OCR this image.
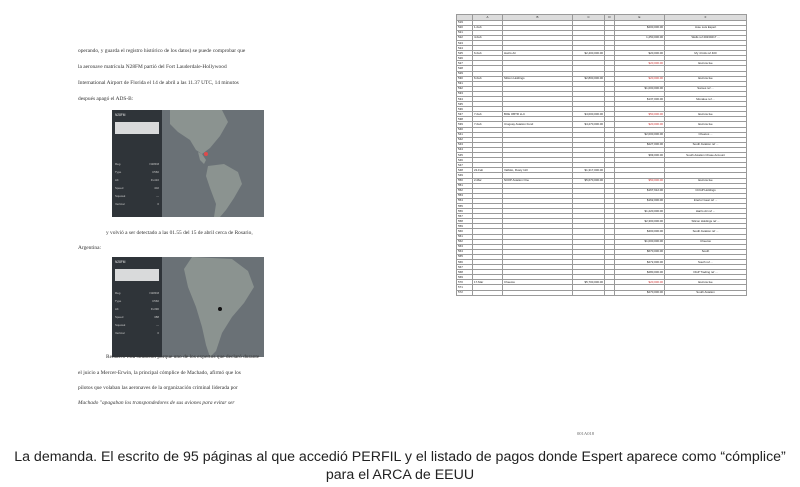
operando, y guarda el registro histórico de los datos) se puede comprobar que
la aeronave matrícula N28FM partió del Fort Lauderdale-Hollywood
International Airport de Florida el 14 de abril a las 11.37 UTC, 14 minutos
después apagó el ADS-B:
N28FM
Reg.	N28FM
Type	C560
Alt	FL410
Speed	402
Squawk	—
Vertical	0
y volvió a ser detectado a las 01.55 del 15 de abril cerca de Rosario,
Argentina:
N28FM
Reg.	N28FM
Type	C560
Alt	FL390
Speed	388
Squawk	—
Vertical	0
Remarco esta situación porque uno de los expertos que declaró durante
el juicio a Mercer-Erwin, la principal cómplice de Machado, afirmó que los
pilotos que volaban las aeronaves de la organización criminal liderada por
Machado "apagaban los transpondedores de sus aviones para evitar ser
	A	B	C	D	E	F
519						
520	1-Feb				$200,000.00	Jose Luis Espert
521						
522	4-Feb				1,250,000.00	Wells ref 20230217 ...
523						
524						
525	6-Feb	Harris Air	$2,400,000.00		$20,000.00	My 4 bids ref 400
526						
527					$20,000.00	Escrow fee
528						
529						
530	6-Feb	Silicon Holdings	$2,800,000.00		$20,000.00	Escrow fee
531						
532					$1,000,000.00	Sames ref ...
533						
534					$137,000.00	Monaloe ref ...
535						
536						
537	7-Feb	BOE OBTR LLC	$4,000,000.00		$50,000.00	Escrow fee
538						
539	7-Feb	Uruguay Aviation Fund	$4,270,000.00		$20,000.00	Escrow fee
540						
541					$2,000,000.00	Cheetos ...
542						
543					$227,000.00	South Aviation ref ...
544						
545					$99,000.00	South Aviation Chase Account
546						
547						
548	22-Feb	Valfolio, Rusty 110	$1,317,000.00			
549						
550	2-Mar	N0OP Aviation One	$5,670,000.00		$50,000.00	Escrow fee
551						
552					$167,912.00	CCGP Holdings
553						
554					$162,000.00	Interior Gear ref ...
555						
556					$1,220,000.00	Harris Air ref ...
557						
558					$2,300,000.00	Silicon Holdings ref ...
559						
560					$400,000.00	South Aviation ref ...
561						
562					$1,000,000.00	Cheetos
563						
564					$670,000.00	South
565						
566					$272,000.00	South ref ...
567						
568					$280,000.00	DGP Trading ref ...
569						
570	17-Mar	Cheetos	$5,700,000.00		$20,000.00	Escrow fee
571						
572					$270,000.00	South Aviation
001A018
La demanda. El escrito de 95 páginas al que accedió PERFIL y el listado de pagos donde Espert aparece como “cómplice” para el ARCA de EEUU
